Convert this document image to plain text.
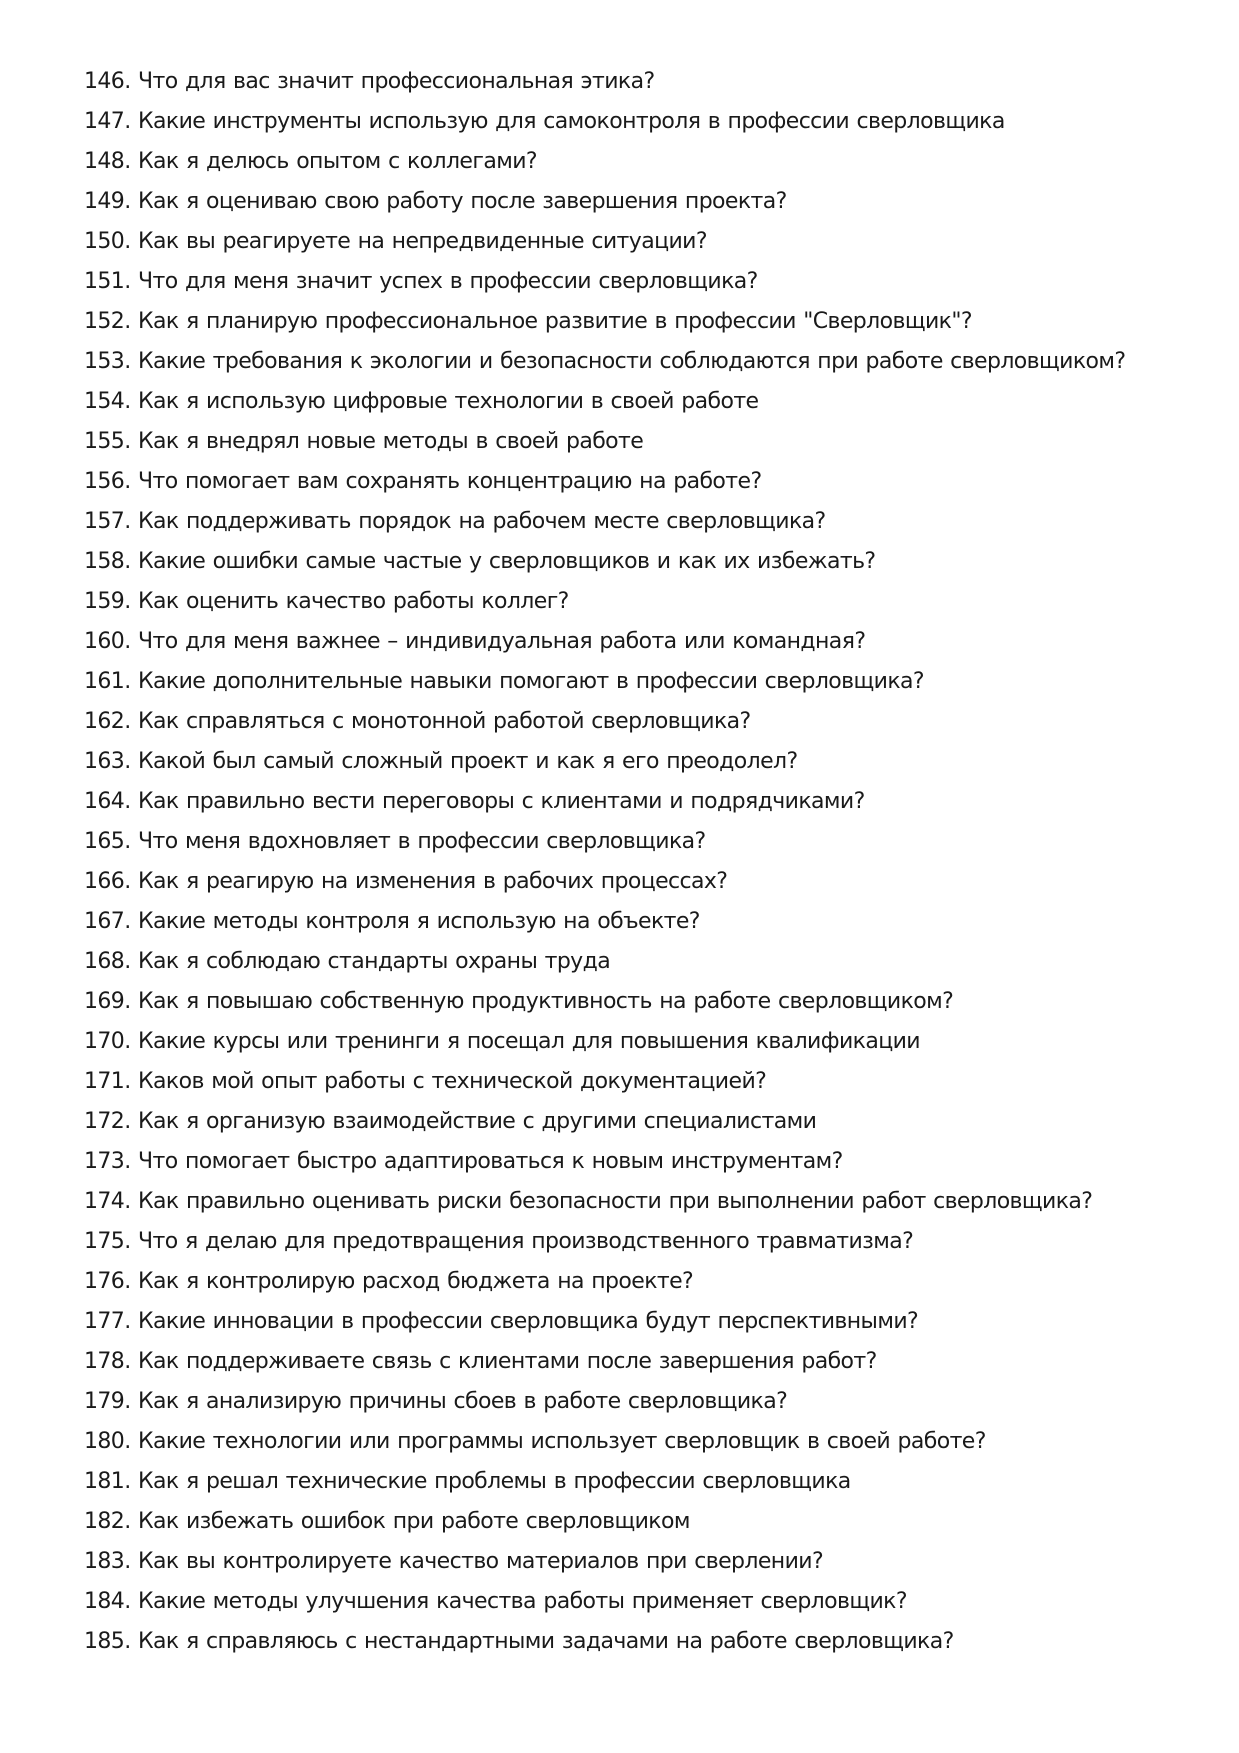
146. Что для вас значит профессиональная этика?
147. Какие инструменты использую для самоконтроля в профессии сверловщика
148. Как я делюсь опытом с коллегами?
149. Как я оцениваю свою работу после завершения проекта?
150. Как вы реагируете на непредвиденные ситуации?
151. Что для меня значит успех в профессии сверловщика?
152. Как я планирую профессиональное развитие в профессии "Сверловщик"?
153. Какие требования к экологии и безопасности соблюдаются при работе сверловщиком?
154. Как я использую цифровые технологии в своей работе
155. Как я внедрял новые методы в своей работе
156. Что помогает вам сохранять концентрацию на работе?
157. Как поддерживать порядок на рабочем месте сверловщика?
158. Какие ошибки самые частые у сверловщиков и как их избежать?
159. Как оценить качество работы коллег?
160. Что для меня важнее – индивидуальная работа или командная?
161. Какие дополнительные навыки помогают в профессии сверловщика?
162. Как справляться с монотонной работой сверловщика?
163. Какой был самый сложный проект и как я его преодолел?
164. Как правильно вести переговоры с клиентами и подрядчиками?
165. Что меня вдохновляет в профессии сверловщика?
166. Как я реагирую на изменения в рабочих процессах?
167. Какие методы контроля я использую на объекте?
168. Как я соблюдаю стандарты охраны труда
169. Как я повышаю собственную продуктивность на работе сверловщиком?
170. Какие курсы или тренинги я посещал для повышения квалификации
171. Каков мой опыт работы с технической документацией?
172. Как я организую взаимодействие с другими специалистами
173. Что помогает быстро адаптироваться к новым инструментам?
174. Как правильно оценивать риски безопасности при выполнении работ сверловщика?
175. Что я делаю для предотвращения производственного травматизма?
176. Как я контролирую расход бюджета на проекте?
177. Какие инновации в профессии сверловщика будут перспективными?
178. Как поддерживаете связь с клиентами после завершения работ?
179. Как я анализирую причины сбоев в работе сверловщика?
180. Какие технологии или программы использует сверловщик в своей работе?
181. Как я решал технические проблемы в профессии сверловщика
182. Как избежать ошибок при работе сверловщиком
183. Как вы контролируете качество материалов при сверлении?
184. Какие методы улучшения качества работы применяет сверловщик?
185. Как я справляюсь с нестандартными задачами на работе сверловщика?
